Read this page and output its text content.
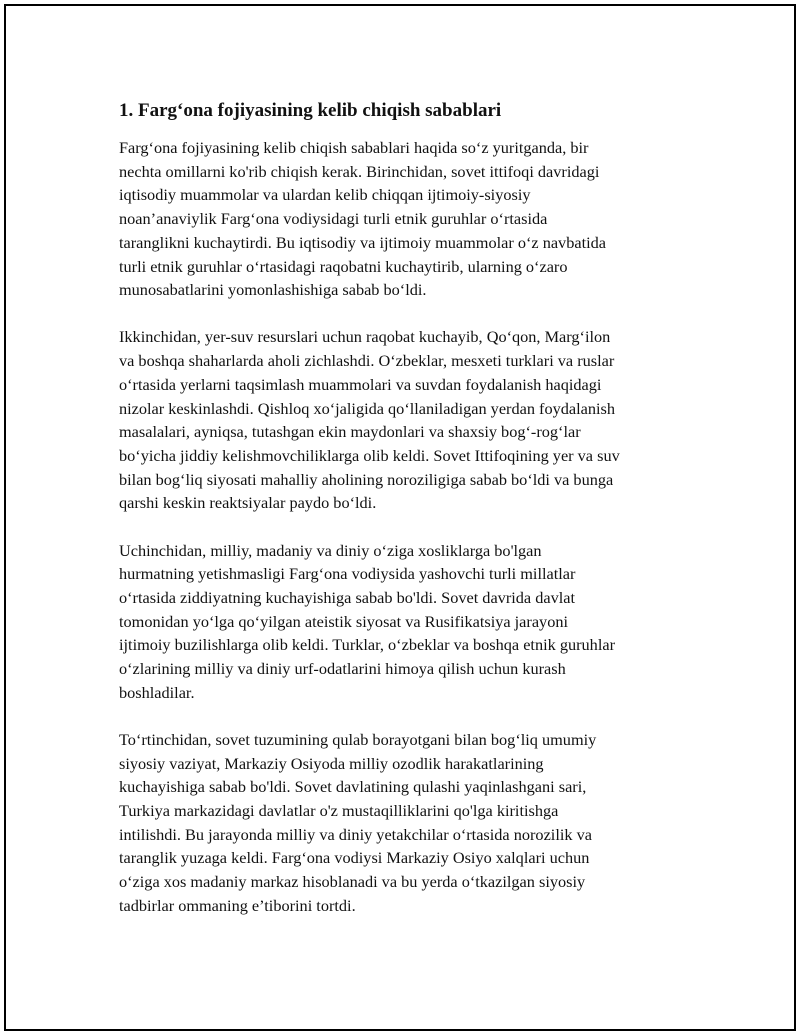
1. Farg‘ona fojiyasining kelib chiqish sabablari
Farg‘ona fojiyasining kelib chiqish sabablari haqida so‘z yuritganda, bir
nechta omillarni ko'rib chiqish kerak. Birinchidan, sovet ittifoqi davridagi
iqtisodiy muammolar va ulardan kelib chiqqan ijtimoiy-siyosiy
noan’anaviylik Farg‘ona vodiysidagi turli etnik guruhlar o‘rtasida
taranglikni kuchaytirdi. Bu iqtisodiy va ijtimoiy muammolar o‘z navbatida
turli etnik guruhlar o‘rtasidagi raqobatni kuchaytirib, ularning o‘zaro
munosabatlarini yomonlashishiga sabab bo‘ldi.
Ikkinchidan, yer-suv resurslari uchun raqobat kuchayib, Qo‘qon, Marg‘ilon
va boshqa shaharlarda aholi zichlashdi. O‘zbeklar, mesxeti turklari va ruslar
o‘rtasida yerlarni taqsimlash muammolari va suvdan foydalanish haqidagi
nizolar keskinlashdi. Qishloq xo‘jaligida qo‘llaniladigan yerdan foydalanish
masalalari, ayniqsa, tutashgan ekin maydonlari va shaxsiy bog‘-rog‘lar
bo‘yicha jiddiy kelishmovchiliklarga olib keldi. Sovet Ittifoqining yer va suv
bilan bog‘liq siyosati mahalliy aholining noroziligiga sabab bo‘ldi va bunga
qarshi keskin reaktsiyalar paydo bo‘ldi.
Uchinchidan, milliy, madaniy va diniy o‘ziga xosliklarga bo'lgan
hurmatning yetishmasligi Farg‘ona vodiysida yashovchi turli millatlar
o‘rtasida ziddiyatning kuchayishiga sabab bo'ldi. Sovet davrida davlat
tomonidan yo‘lga qo‘yilgan ateistik siyosat va Rusifikatsiya jarayoni
ijtimoiy buzilishlarga olib keldi. Turklar, o‘zbeklar va boshqa etnik guruhlar
o‘zlarining milliy va diniy urf-odatlarini himoya qilish uchun kurash
boshladilar.
To‘rtinchidan, sovet tuzumining qulab borayotgani bilan bog‘liq umumiy
siyosiy vaziyat, Markaziy Osiyoda milliy ozodlik harakatlarining
kuchayishiga sabab bo'ldi. Sovet davlatining qulashi yaqinlashgani sari,
Turkiya markazidagi davlatlar o'z mustaqilliklarini qo'lga kiritishga
intilishdi. Bu jarayonda milliy va diniy yetakchilar o‘rtasida norozilik va
taranglik yuzaga keldi. Farg‘ona vodiysi Markaziy Osiyo xalqlari uchun
o‘ziga xos madaniy markaz hisoblanadi va bu yerda o‘tkazilgan siyosiy
tadbirlar ommaning e’tiborini tortdi.
